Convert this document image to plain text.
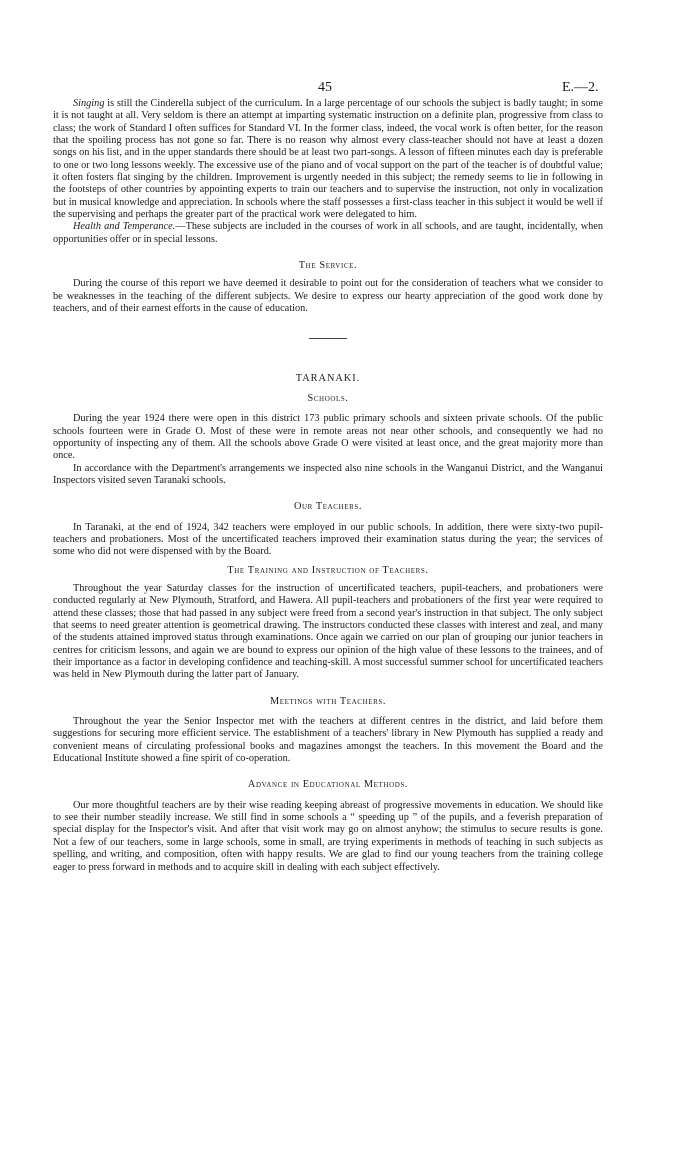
45	E.—2.

Singing is still the Cinderella subject of the curriculum. In a large percentage of our schools the subject is badly taught; in some it is not taught at all. Very seldom is there an attempt at imparting systematic instruction on a definite plan, progressive from class to class; the work of Standard I often suffices for Standard VI. In the former class, indeed, the vocal work is often better, for the reason that the spoiling process has not gone so far. There is no reason why almost every class-teacher should not have at least a dozen songs on his list, and in the upper standards there should be at least two part-songs. A lesson of fifteen minutes each day is preferable to one or two long lessons weekly. The excessive use of the piano and of vocal support on the part of the teacher is of doubtful value; it often fosters flat singing by the children. Improvement is urgently needed in this subject; the remedy seems to lie in following in the footsteps of other countries by appointing experts to train our teachers and to supervise the instruction, not only in vocalization but in musical knowledge and appreciation. In schools where the staff possesses a first-class teacher in this subject it would be well if the supervising and perhaps the greater part of the practical work were delegated to him.

Health and Temperance.—These subjects are included in the courses of work in all schools, and are taught, incidentally, when opportunities offer or in special lessons.

The Service.

During the course of this report we have deemed it desirable to point out for the consideration of teachers what we consider to be weaknesses in the teaching of the different subjects. We desire to express our hearty appreciation of the good work done by teachers, and of their earnest efforts in the cause of education.

TARANAKI.

Schools.

During the year 1924 there were open in this district 173 public primary schools and sixteen private schools. Of the public schools fourteen were in Grade O. Most of these were in remote areas not near other schools, and consequently we had no opportunity of inspecting any of them. All the schools above Grade O were visited at least once, and the great majority more than once.

In accordance with the Department's arrangements we inspected also nine schools in the Wanganui District, and the Wanganui Inspectors visited seven Taranaki schools.

Our Teachers.

In Taranaki, at the end of 1924, 342 teachers were employed in our public schools. In addition, there were sixty-two pupil-teachers and probationers. Most of the uncertificated teachers improved their examination status during the year; the services of some who did not were dispensed with by the Board.

The Training and Instruction of Teachers.

Throughout the year Saturday classes for the instruction of uncertificated teachers, pupil-teachers, and probationers were conducted regularly at New Plymouth, Stratford, and Hawera. All pupil-teachers and probationers of the first year were required to attend these classes; those that had passed in any subject were freed from a second year's instruction in that subject. The only subject that seems to need greater attention is geometrical drawing. The instructors conducted these classes with interest and zeal, and many of the students attained improved status through examinations. Once again we carried on our plan of grouping our junior teachers in centres for criticism lessons, and again we are bound to express our opinion of the high value of these lessons to the trainees, and of their importance as a factor in developing confidence and teaching-skill. A most successful summer school for uncertificated teachers was held in New Plymouth during the latter part of January.

Meetings with Teachers.

Throughout the year the Senior Inspector met with the teachers at different centres in the district, and laid before them suggestions for securing more efficient service. The establishment of a teachers' library in New Plymouth has supplied a ready and convenient means of circulating professional books and magazines amongst the teachers. In this movement the Board and the Educational Institute showed a fine spirit of co-operation.

Advance in Educational Methods.

Our more thoughtful teachers are by their wise reading keeping abreast of progressive movements in education. We should like to see their number steadily increase. We still find in some schools a “ speeding up ” of the pupils, and a feverish preparation of special display for the Inspector's visit. And after that visit work may go on almost anyhow; the stimulus to secure results is gone. Not a few of our teachers, some in large schools, some in small, are trying experiments in methods of teaching in such subjects as spelling, and writing, and composition, often with happy results. We are glad to find our young teachers from the training college eager to press forward in methods and to acquire skill in dealing with each subject effectively.
